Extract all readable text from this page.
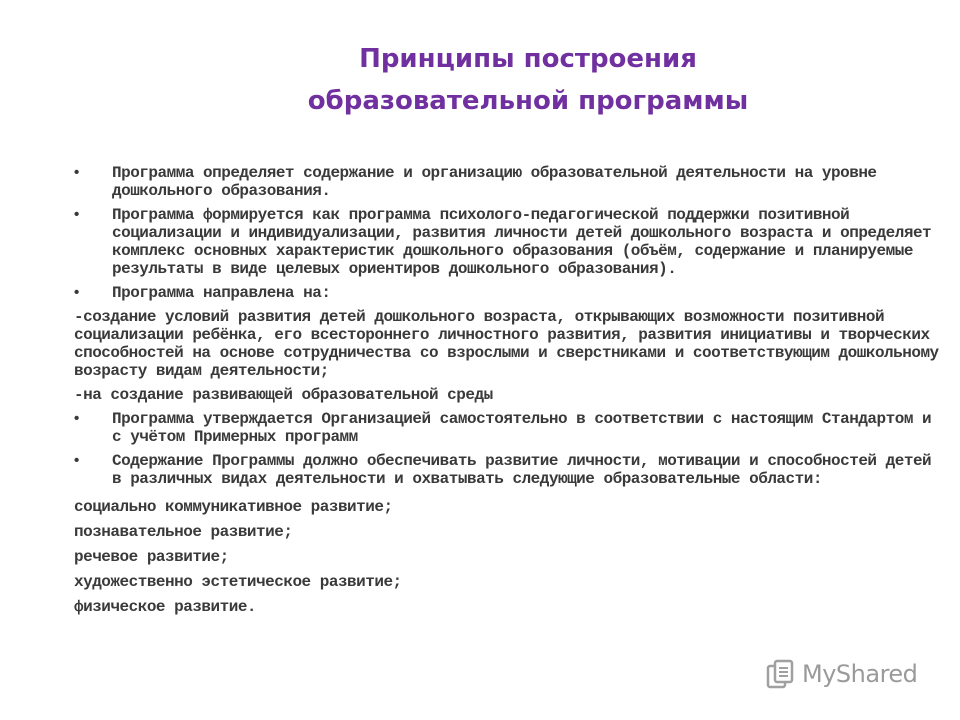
Принципы построения
образовательной программы
• Программа определяет содержание и организацию образовательной деятельности на уровне дошкольного образования.
• Программа формируется как программа психолого-педагогической поддержки позитивной социализации и индивидуализации, развития личности детей дошкольного возраста и определяет комплекс основных характеристик дошкольного образования (объём, содержание и планируемые результаты в виде целевых ориентиров дошкольного образования).
• Программа направлена на:
-создание условий развития детей дошкольного возраста, открывающих возможности позитивной социализации ребёнка, его всестороннего личностного развития, развития инициативы и творческих способностей на основе сотрудничества со взрослыми и сверстниками и соответствующим дошкольному возрасту видам деятельности;
-на создание развивающей образовательной среды
• Программа утверждается Организацией самостоятельно в соответствии с настоящим Стандартом и с учётом Примерных программ
• Содержание Программы должно обеспечивать развитие личности, мотивации и способностей детей в различных видах деятельности и охватывать следующие образовательные области:
социально коммуникативное развитие;
познавательное развитие;
речевое развитие;
художественно эстетическое развитие;
физическое развитие.
MyShared
